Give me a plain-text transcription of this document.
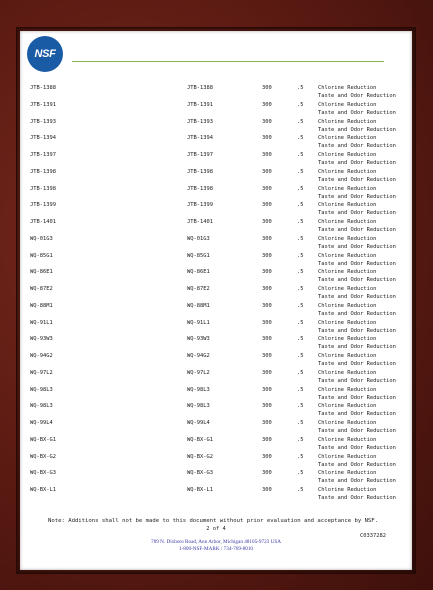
NSF
JTB-1388	JTB-1388	300	.5	Chlorine Reduction
Taste and Odor Reduction
JTB-1391	JTB-1391	300	.5	Chlorine Reduction
Taste and Odor Reduction
JTB-1393	JTB-1393	300	.5	Chlorine Reduction
Taste and Odor Reduction
JTB-1394	JTB-1394	300	.5	Chlorine Reduction
Taste and Odor Reduction
JTB-1397	JTB-1397	300	.5	Chlorine Reduction
Taste and Odor Reduction
JTB-1398	JTB-1398	300	.5	Chlorine Reduction
Taste and Odor Reduction
JTB-1398	JTB-1398	300	.5	Chlorine Reduction
Taste and Odor Reduction
JTB-1399	JTB-1399	300	.5	Chlorine Reduction
Taste and Odor Reduction
JTB-1401	JTB-1401	300	.5	Chlorine Reduction
Taste and Odor Reduction
WQ-01G3	WQ-01G3	300	.5	Chlorine Reduction
Taste and Odor Reduction
WQ-85G1	WQ-85G1	300	.5	Chlorine Reduction
Taste and Odor Reduction
WQ-86E1	WQ-86E1	300	.5	Chlorine Reduction
Taste and Odor Reduction
WQ-87E2	WQ-87E2	300	.5	Chlorine Reduction
Taste and Odor Reduction
WQ-88M1	WQ-88M1	300	.5	Chlorine Reduction
Taste and Odor Reduction
WQ-91L1	WQ-91L1	300	.5	Chlorine Reduction
Taste and Odor Reduction
WQ-93W3	WQ-93W3	300	.5	Chlorine Reduction
Taste and Odor Reduction
WQ-94G2	WQ-94G2	300	.5	Chlorine Reduction
Taste and Odor Reduction
WQ-97L2	WQ-97L2	300	.5	Chlorine Reduction
Taste and Odor Reduction
WQ-98L3	WQ-98L3	300	.5	Chlorine Reduction
Taste and Odor Reduction
WQ-98L3	WQ-98L3	300	.5	Chlorine Reduction
Taste and Odor Reduction
WQ-99L4	WQ-99L4	300	.5	Chlorine Reduction
Taste and Odor Reduction
WQ-BX-G1	WQ-BX-G1	300	.5	Chlorine Reduction
Taste and Odor Reduction
WQ-BX-G2	WQ-BX-G2	300	.5	Chlorine Reduction
Taste and Odor Reduction
WQ-BX-G3	WQ-BX-G3	300	.5	Chlorine Reduction
Taste and Odor Reduction
WQ-BX-L1	WQ-BX-L1	300	.5	Chlorine Reduction
Taste and Odor Reduction
Note: Additions shall not be made to this document without prior evaluation and acceptance by NSF.
2 of 4
C0337282
789 N. Dixboro Road, Ann Arbor, Michigan 48105-9723 USA
1-800-NSF-MARK / 734-769-8010
